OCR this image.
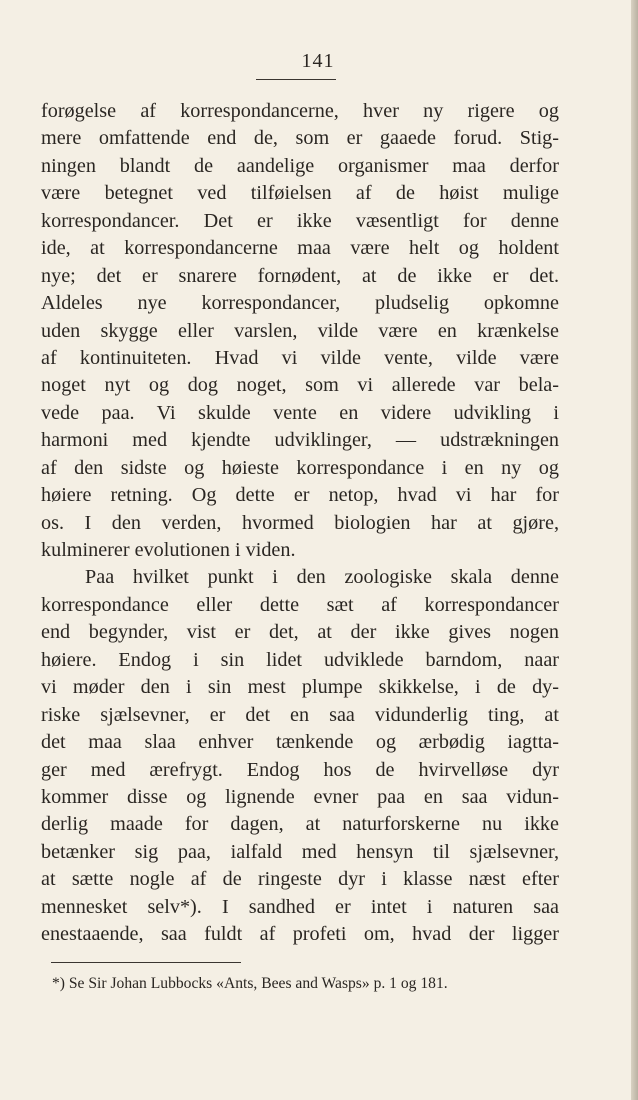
141
forøgelse af korrespondancerne, hver ny rigere og
mere omfattende end de, som er gaaede forud. Stig-
ningen blandt de aandelige organismer maa derfor
være betegnet ved tilføielsen af de høist mulige
korrespondancer. Det er ikke væsentligt for denne
ide, at korrespondancerne maa være helt og holdent
nye; det er snarere fornødent, at de ikke er det.
Aldeles nye korrespondancer, pludselig opkomne
uden skygge eller varslen, vilde være en krænkelse
af kontinuiteten. Hvad vi vilde vente, vilde være
noget nyt og dog noget, som vi allerede var bela-
vede paa. Vi skulde vente en videre udvikling i
harmoni med kjendte udviklinger, — udstrækningen
af den sidste og høieste korrespondance i en ny og
høiere retning. Og dette er netop, hvad vi har for
os. I den verden, hvormed biologien har at gjøre,
kulminerer evolutionen i viden.
Paa hvilket punkt i den zoologiske skala denne
korrespondance eller dette sæt af korrespondancer
end begynder, vist er det, at der ikke gives nogen
høiere. Endog i sin lidet udviklede barndom, naar
vi møder den i sin mest plumpe skikkelse, i de dy-
riske sjælsevner, er det en saa vidunderlig ting, at
det maa slaa enhver tænkende og ærbødig iagtta-
ger med ærefrygt. Endog hos de hvirvelløse dyr
kommer disse og lignende evner paa en saa vidun-
derlig maade for dagen, at naturforskerne nu ikke
betænker sig paa, ialfald med hensyn til sjælsevner,
at sætte nogle af de ringeste dyr i klasse næst efter
mennesket selv*). I sandhed er intet i naturen saa
enestaaende, saa fuldt af profeti om, hvad der ligger
*) Se Sir Johan Lubbocks «Ants, Bees and Wasps» p. 1 og 181.
